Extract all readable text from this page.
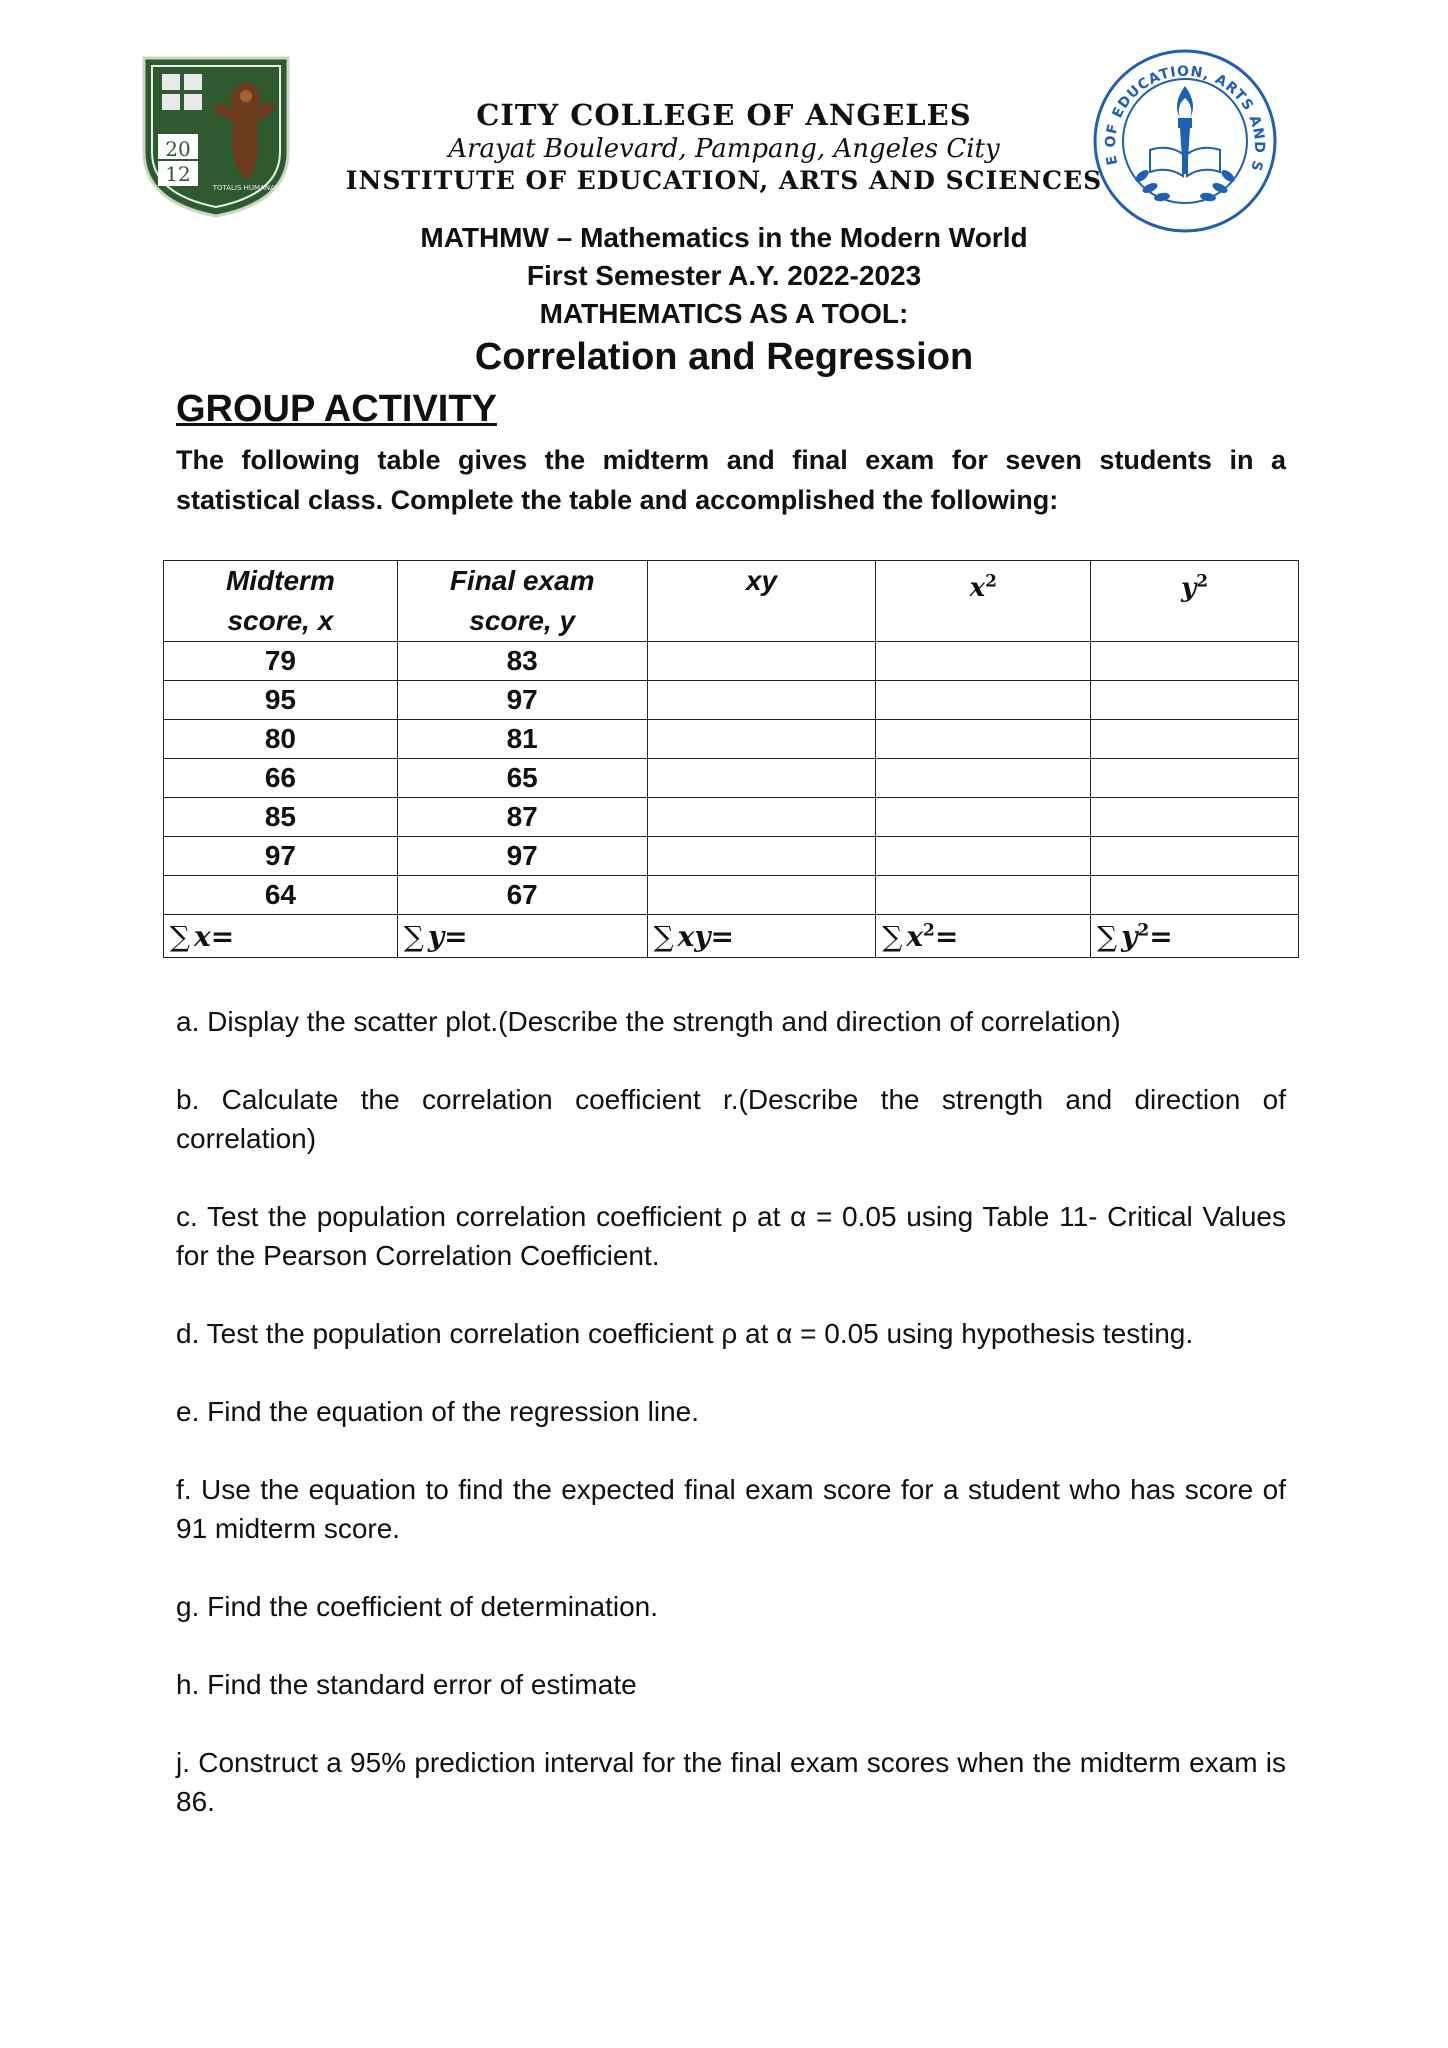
20
12
TOTALIS HUMANAE
E OF EDUCATION, ARTS AND S
CITY COLLEGE OF ANGELES
Arayat Boulevard, Pampang, Angeles City
INSTITUTE OF EDUCATION, ARTS AND SCIENCES
MATHMW – Mathematics in the Modern World
First Semester A.Y. 2022-2023
MATHEMATICS AS A TOOL:
Correlation and Regression
GROUP ACTIVITY
The following table gives the midterm and final exam for seven students in a statistical class. Complete the table and accomplished the following:
Midterm
score, x	Final exam
score, y	xy	$x^2$	$y^2$
79	83			
95	97			
80	81			
66	65			
85	87			
97	97			
64	67			
∑ x=	∑ y=	∑ xy=	∑ $x^2=$	∑ $y^2=$
a. Display the scatter plot.(Describe the strength and direction of correlation)
b. Calculate the correlation coefficient r.(Describe the strength and direction of correlation)
c. Test the population correlation coefficient ρ at α = 0.05 using Table 11- Critical Values for the Pearson Correlation Coefficient.
d. Test the population correlation coefficient ρ at α = 0.05 using hypothesis testing.
e. Find the equation of the regression line.
f. Use the equation to find the expected final exam score for a student who has score of 91 midterm score.
g. Find the coefficient of determination.
h. Find the standard error of estimate
j. Construct a 95% prediction interval for the final exam scores when the midterm exam is 86.
